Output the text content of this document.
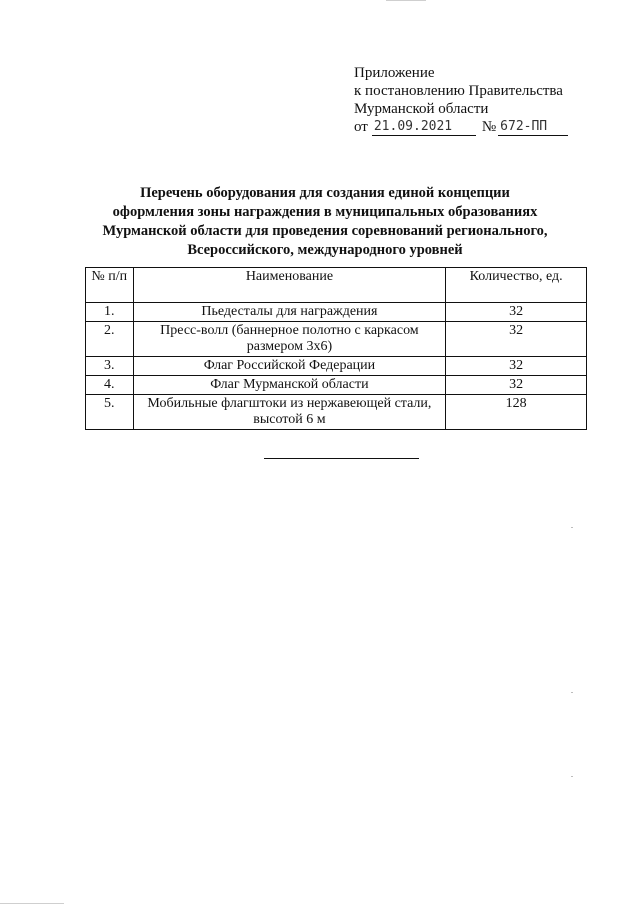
Приложение
к постановлению Правительства
Мурманской области
от 21.09.2021	№ 672-ПП
Перечень оборудования для создания единой концепции оформления зоны награждения в муниципальных образованиях Мурманской области для проведения соревнований регионального, Всероссийского, международного уровней
№ п/п	Наименование	Количество, ед.
1.	Пьедесталы для награждения	32
2.	Пресс-волл (баннерное полотно с каркасом размером 3х6)	32
3.	Флаг Российской Федерации	32
4.	Флаг Мурманской области	32
5.	Мобильные флагштоки из нержавеющей стали, высотой 6 м	128
